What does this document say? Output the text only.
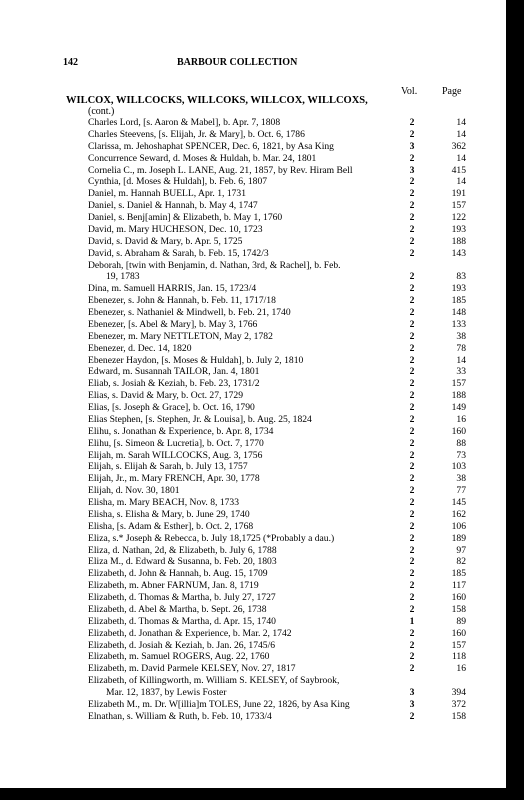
142	BARBOUR COLLECTION
Vol. Page
WILCOX, WILLCOCKS, WILLCOKS, WILLCOX, WILLCOXS,
(cont.)
Charles Lord, [s. Aaron & Mabel], b. Apr. 7, 1808	2	14
Charles Steevens, [s. Elijah, Jr. & Mary], b. Oct. 6, 1786	2	14
Clarissa, m. Jehoshaphat SPENCER, Dec. 6, 1821, by Asa King	3	362
Concurrence Seward, d. Moses & Huldah, b. Mar. 24, 1801	2	14
Cornelia C., m. Joseph L. LANE, Aug. 21, 1857, by Rev. Hiram Bell	3	415
Cynthia, [d. Moses & Huldah], b. Feb. 6, 1807	2	14
Daniel, m. Hannah BUELL, Apr. 1, 1731	2	191
Daniel, s. Daniel & Hannah, b. May 4, 1747	2	157
Daniel, s. Benj[amin] & Elizabeth, b. May 1, 1760	2	122
David, m. Mary HUCHESON, Dec. 10, 1723	2	193
David, s. David & Mary, b. Apr. 5, 1725	2	188
David, s. Abraham & Sarah, b. Feb. 15, 1742/3	2	143
Deborah, [twin with Benjamin, d. Nathan, 3rd, & Rachel], b. Feb.
19, 1783	2	83
Dina, m. Samuell HARRIS, Jan. 15, 1723/4	2	193
Ebenezer, s. John & Hannah, b. Feb. 11, 1717/18	2	185
Ebenezer, s. Nathaniel & Mindwell, b. Feb. 21, 1740	2	148
Ebenezer, [s. Abel & Mary], b. May 3, 1766	2	133
Ebenezer, m. Mary NETTLETON, May 2, 1782	2	38
Ebenezer, d. Dec. 14, 1820	2	78
Ebenezer Haydon, [s. Moses & Huldah], b. July 2, 1810	2	14
Edward, m. Susannah TAILOR, Jan. 4, 1801	2	33
Eliab, s. Josiah & Keziah, b. Feb. 23, 1731/2	2	157
Elias, s. David & Mary, b. Oct. 27, 1729	2	188
Elias, [s. Joseph & Grace], b. Oct. 16, 1790	2	149
Elias Stephen, [s. Stephen, Jr. & Louisa], b. Aug. 25, 1824	2	16
Elihu, s. Jonathan & Experience, b. Apr. 8, 1734	2	160
Elihu, [s. Simeon & Lucretia], b. Oct. 7, 1770	2	88
Elijah, m. Sarah WILLCOCKS, Aug. 3, 1756	2	73
Elijah, s. Elijah & Sarah, b. July 13, 1757	2	103
Elijah, Jr., m. Mary FRENCH, Apr. 30, 1778	2	38
Elijah, d. Nov. 30, 1801	2	77
Elisha, m. Mary BEACH, Nov. 8, 1733	2	145
Elisha, s. Elisha & Mary, b. June 29, 1740	2	162
Elisha, [s. Adam & Esther], b. Oct. 2, 1768	2	106
Eliza, s.* Joseph & Rebecca, b. July 18,1725 (*Probably a dau.)	2	189
Eliza, d. Nathan, 2d, & Elizabeth, b. July 6, 1788	2	97
Eliza M., d. Edward & Susanna, b. Feb. 20, 1803	2	82
Elizabeth, d. John & Hannah, b. Aug. 15, 1709	2	185
Elizabeth, m. Abner FARNUM, Jan. 8, 1719	2	117
Elizabeth, d. Thomas & Martha, b. July 27, 1727	2	160
Elizabeth, d. Abel & Martha, b. Sept. 26, 1738	2	158
Elizabeth, d. Thomas & Martha, d. Apr. 15, 1740	1	89
Elizabeth, d. Jonathan & Experience, b. Mar. 2, 1742	2	160
Elizabeth, d. Josiah & Keziah, b. Jan. 26, 1745/6	2	157
Elizabeth, m. Samuel ROGERS, Aug. 22, 1760	2	118
Elizabeth, m. David Parmele KELSEY, Nov. 27, 1817	2	16
Elizabeth, of Killingworth, m. William S. KELSEY, of Saybrook,
Mar. 12, 1837, by Lewis Foster	3	394
Elizabeth M., m. Dr. W[illia]m TOLES, June 22, 1826, by Asa King	3	372
Elnathan, s. William & Ruth, b. Feb. 10, 1733/4	2	158
